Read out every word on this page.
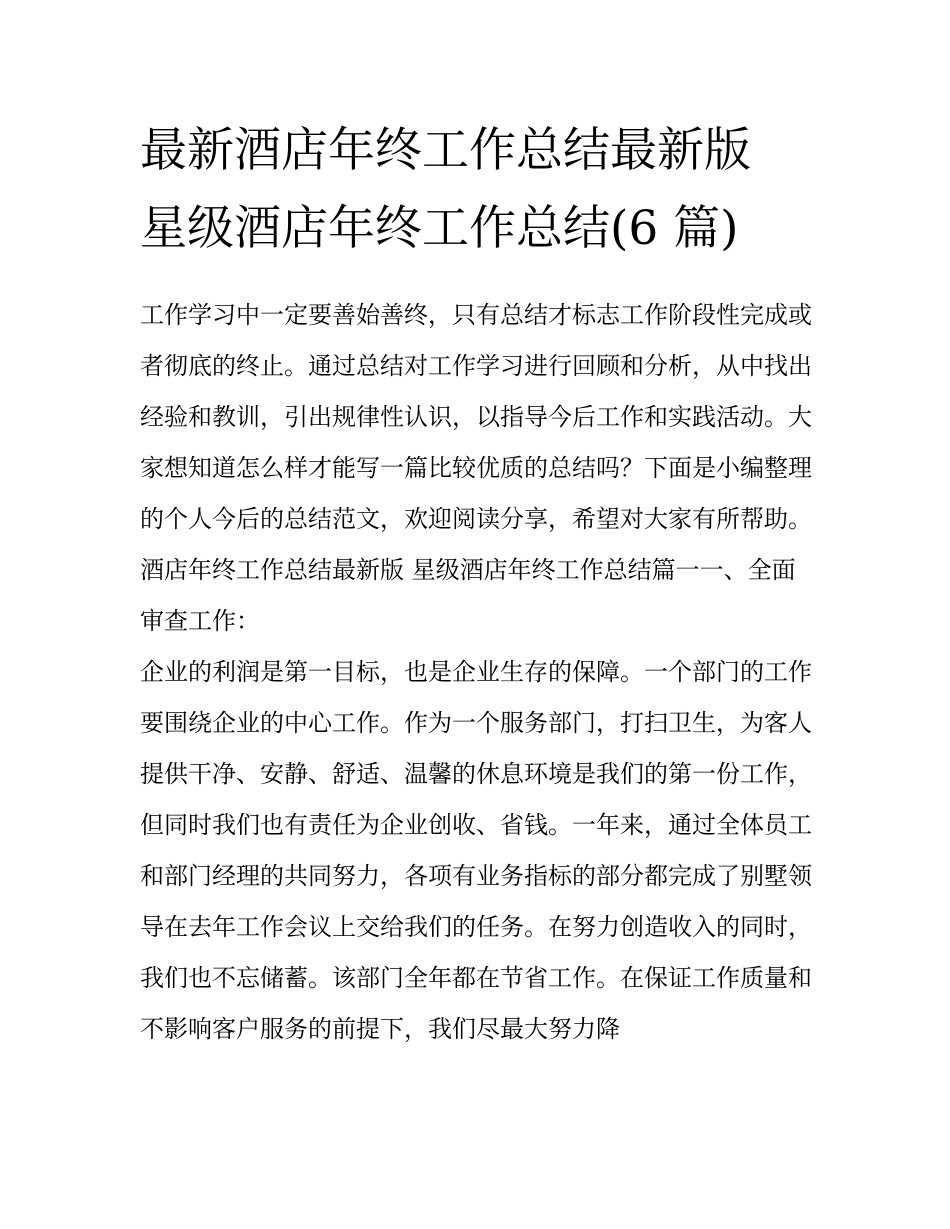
最新酒店年终工作总结最新版
星级酒店年终工作总结(6 篇)

工作学习中一定要善始善终，只有总结才标志工作阶段性完成或者彻底的终止。通过总结对工作学习进行回顾和分析，从中找出经验和教训，引出规律性认识，以指导今后工作和实践活动。大家想知道怎么样才能写一篇比较优质的总结吗？下面是小编整理的个人今后的总结范文，欢迎阅读分享，希望对大家有所帮助。

酒店年终工作总结最新版 星级酒店年终工作总结篇一一、全面审查工作：

企业的利润是第一目标，也是企业生存的保障。一个部门的工作要围绕企业的中心工作。作为一个服务部门，打扫卫生，为客人提供干净、安静、舒适、温馨的休息环境是我们的第一份工作，但同时我们也有责任为企业创收、省钱。一年来，通过全体员工和部门经理的共同努力，各项有业务指标的部分都完成了别墅领导在去年工作会议上交给我们的任务。在努力创造收入的同时，我们也不忘储蓄。该部门全年都在节省工作。在保证工作质量和不影响客户服务的前提下，我们尽最大努力降
